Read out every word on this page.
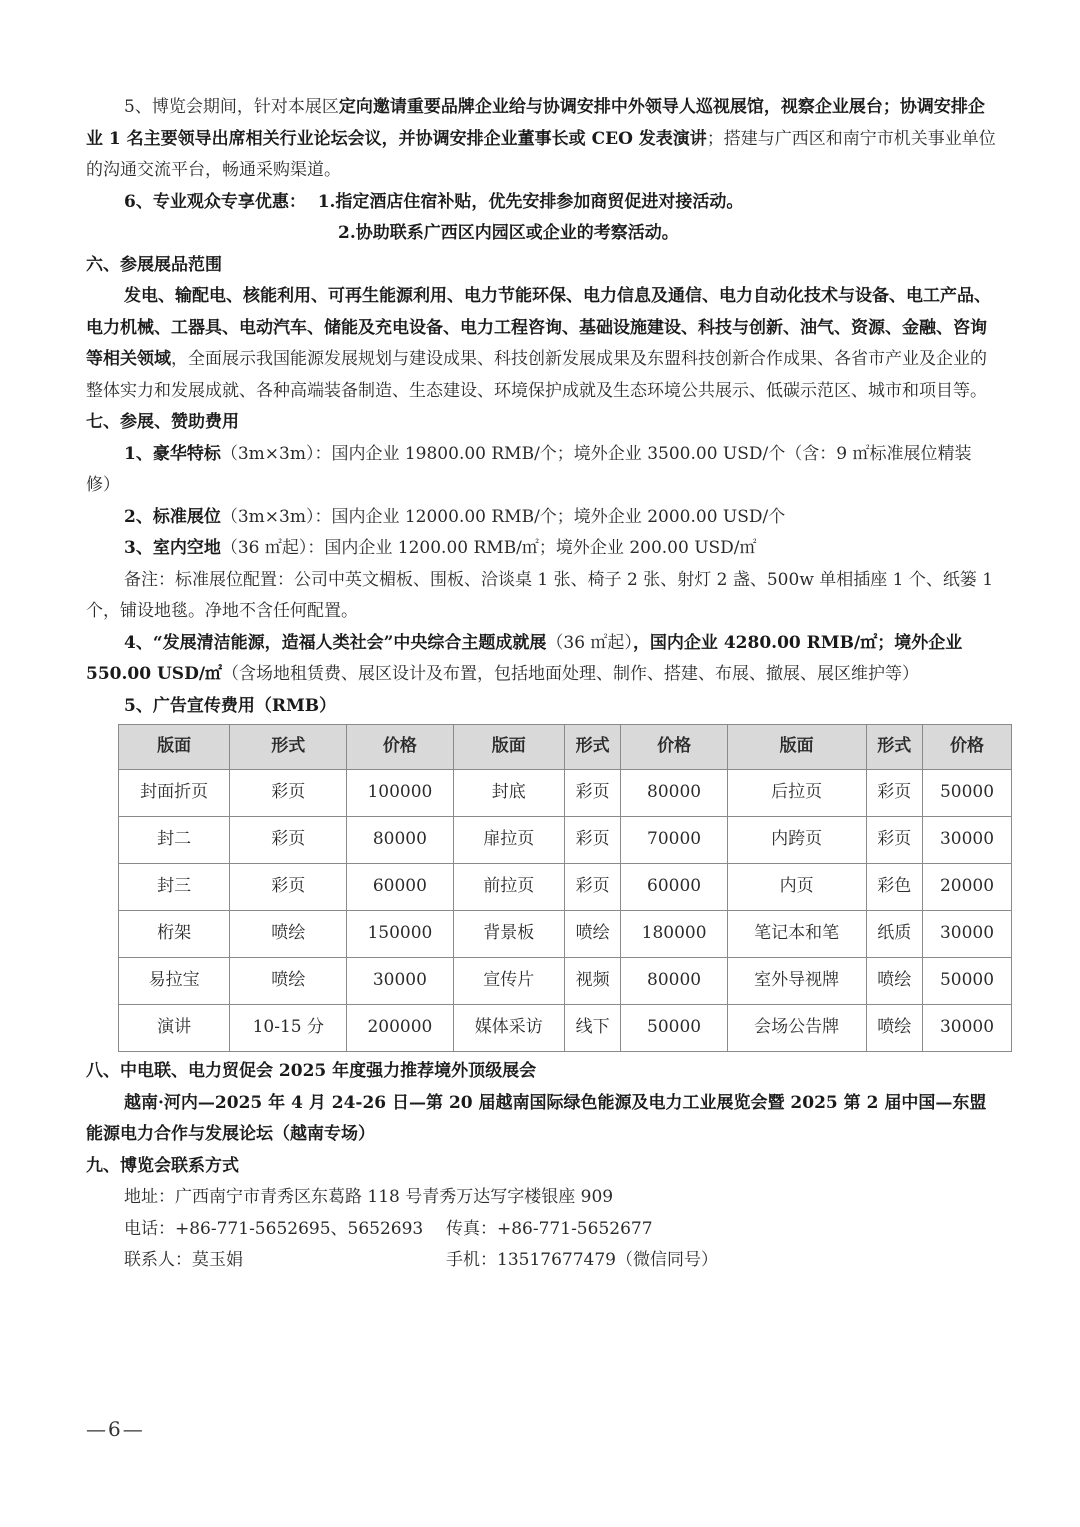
5、博览会期间，针对本展区定向邀请重要品牌企业给与协调安排中外领导人巡视展馆，视察企业展台；协调安排企业 1 名主要领导出席相关行业论坛会议，并协调安排企业董事长或 CEO 发表演讲；搭建与广西区和南宁市机关事业单位的沟通交流平台，畅通采购渠道。

6、专业观众专享优惠： 1.指定酒店住宿补贴，优先安排参加商贸促进对接活动。

2.协助联系广西区内园区或企业的考察活动。

六、参展展品范围

发电、输配电、核能利用、可再生能源利用、电力节能环保、电力信息及通信、电力自动化技术与设备、电工产品、电力机械、工器具、电动汽车、储能及充电设备、电力工程咨询、基础设施建设、科技与创新、油气、资源、金融、咨询等相关领域，全面展示我国能源发展规划与建设成果、科技创新发展成果及东盟科技创新合作成果、各省市产业及企业的整体实力和发展成就、各种高端装备制造、生态建设、环境保护成就及生态环境公共展示、低碳示范区、城市和项目等。

七、参展、赞助费用

1、豪华特标（3m×3m）：国内企业 19800.00 RMB/个；境外企业 3500.00 USD/个（含：9 ㎡标准展位精装修）

2、标准展位（3m×3m）：国内企业 12000.00 RMB/个；境外企业 2000.00 USD/个

3、室内空地（36 ㎡起）：国内企业 1200.00 RMB/㎡；境外企业 200.00 USD/㎡

备注：标准展位配置：公司中英文楣板、围板、洽谈桌 1 张、椅子 2 张、射灯 2 盏、500w 单相插座 1 个、纸篓 1 个，铺设地毯。净地不含任何配置。

4、“发展清洁能源，造福人类社会”中央综合主题成就展（36 ㎡起），国内企业 4280.00 RMB/㎡；境外企业 550.00 USD/㎡（含场地租赁费、展区设计及布置，包括地面处理、制作、搭建、布展、撤展、展区维护等）

5、广告宣传费用（RMB）

版面	形式	价格	版面	形式	价格	版面	形式	价格
封面折页	彩页	100000	封底	彩页	80000	后拉页	彩页	50000
封二	彩页	80000	扉拉页	彩页	70000	内跨页	彩页	30000
封三	彩页	60000	前拉页	彩页	60000	内页	彩色	20000
桁架	喷绘	150000	背景板	喷绘	180000	笔记本和笔	纸质	30000
易拉宝	喷绘	30000	宣传片	视频	80000	室外导视牌	喷绘	50000
演讲	10-15 分	200000	媒体采访	线下	50000	会场公告牌	喷绘	30000

八、中电联、电力贸促会 2025 年度强力推荐境外顶级展会

越南·河内—2025 年 4 月 24-26 日—第 20 届越南国际绿色能源及电力工业展览会暨 2025 第 2 届中国—东盟能源电力合作与发展论坛（越南专场）

九、博览会联系方式

地址：广西南宁市青秀区东葛路 118 号青秀万达写字楼银座 909
电话：+86-771-5652695、5652693	传真：+86-771-5652677
联系人：莫玉娟	手机：13517677479（微信同号）
—6—
